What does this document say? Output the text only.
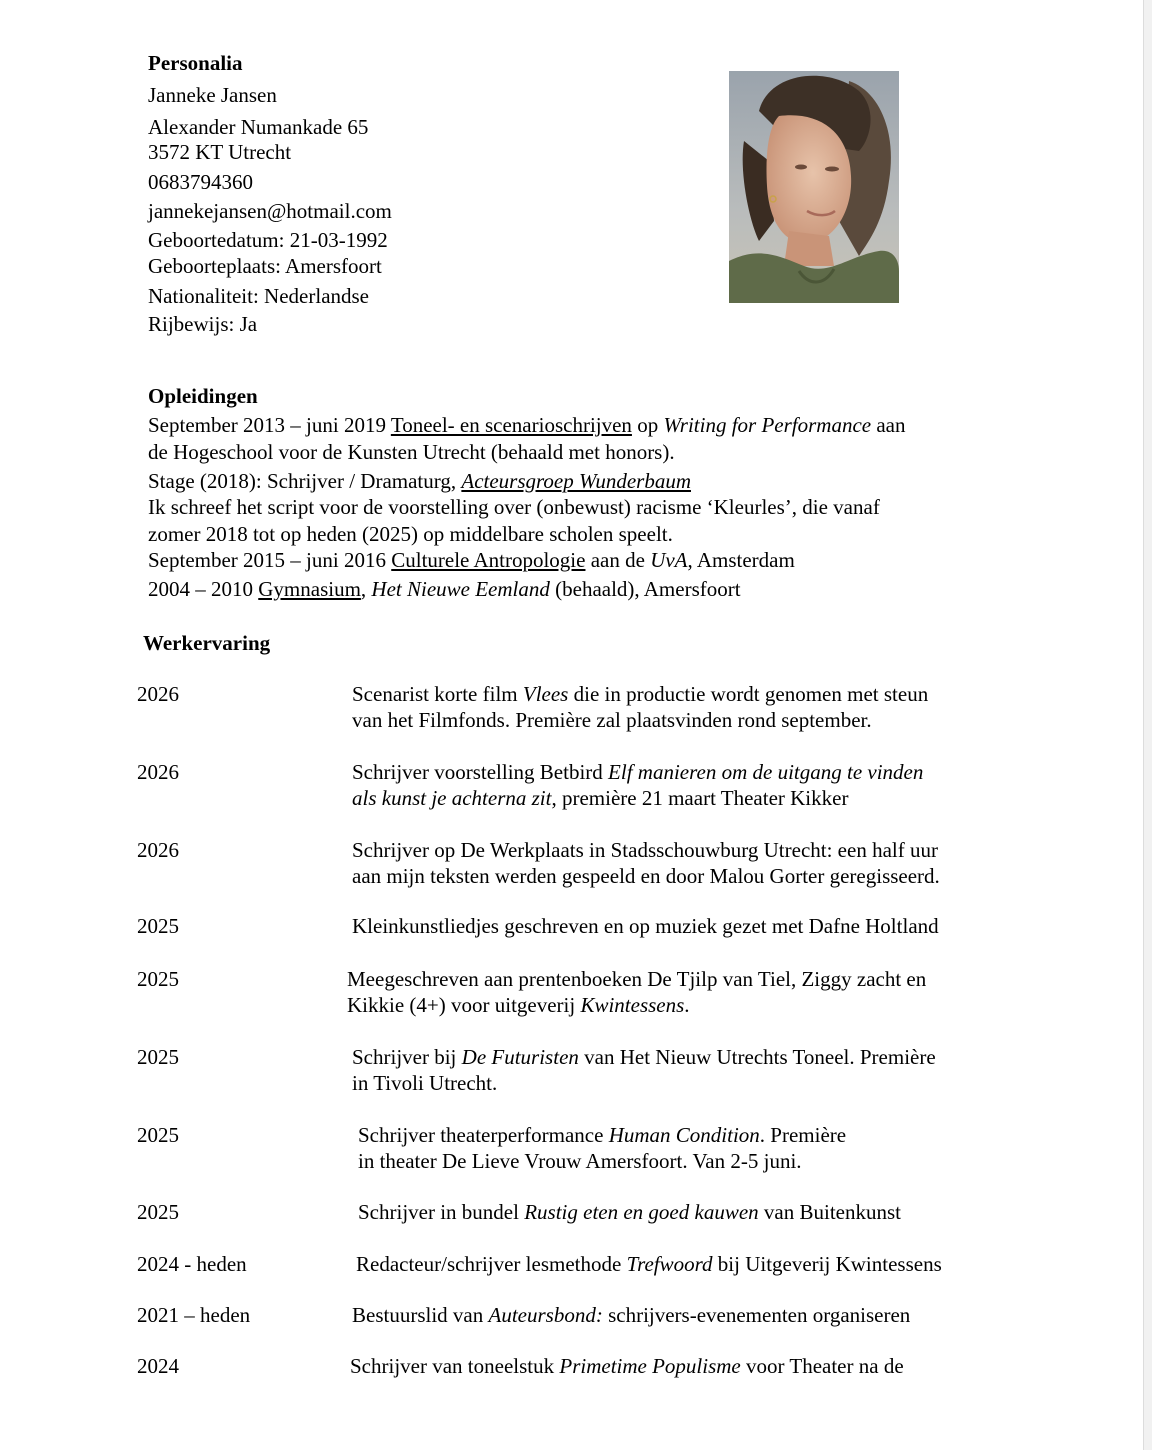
Personalia
Janneke Jansen
Alexander Numankade 65
3572 KT Utrecht
0683794360
jannekejansen@hotmail.com
Geboortedatum: 21-03-1992
Geboorteplaats: Amersfoort
Nationaliteit: Nederlandse
Rijbewijs: Ja
Opleidingen
September 2013 – juni 2019 Toneel- en scenarioschrijven op Writing for Performance aan
de Hogeschool voor de Kunsten Utrecht (behaald met honors).
Stage (2018): Schrijver / Dramaturg, Acteursgroep Wunderbaum
Ik schreef het script voor de voorstelling over (onbewust) racisme ‘Kleurles’, die vanaf
zomer 2018 tot op heden (2025) op middelbare scholen speelt.
September 2015 – juni 2016 Culturele Antropologie aan de UvA, Amsterdam
2004 – 2010 Gymnasium, Het Nieuwe Eemland (behaald), Amersfoort
Werkervaring
2026	Scenarist korte film Vlees die in productie wordt genomen met steun
van het Filmfonds. Première zal plaatsvinden rond september.
2026	Schrijver voorstelling Betbird Elf manieren om de uitgang te vinden
als kunst je achterna zit, première 21 maart Theater Kikker
2026	Schrijver op De Werkplaats in Stadsschouwburg Utrecht: een half uur
aan mijn teksten werden gespeeld en door Malou Gorter geregisseerd.
2025	Kleinkunstliedjes geschreven en op muziek gezet met Dafne Holtland
2025	Meegeschreven aan prentenboeken De Tjilp van Tiel, Ziggy zacht en
Kikkie (4+) voor uitgeverij Kwintessens.
2025	Schrijver bij De Futuristen van Het Nieuw Utrechts Toneel. Première
in Tivoli Utrecht.
2025	Schrijver theaterperformance Human Condition. Première
in theater De Lieve Vrouw Amersfoort. Van 2-5 juni.
2025	Schrijver in bundel Rustig eten en goed kauwen van Buitenkunst
2024 - heden	Redacteur/schrijver lesmethode Trefwoord bij Uitgeverij Kwintessens
2021 – heden	Bestuurslid van Auteursbond: schrijvers-evenementen organiseren
2024	Schrijver van toneelstuk Primetime Populisme voor Theater na de
